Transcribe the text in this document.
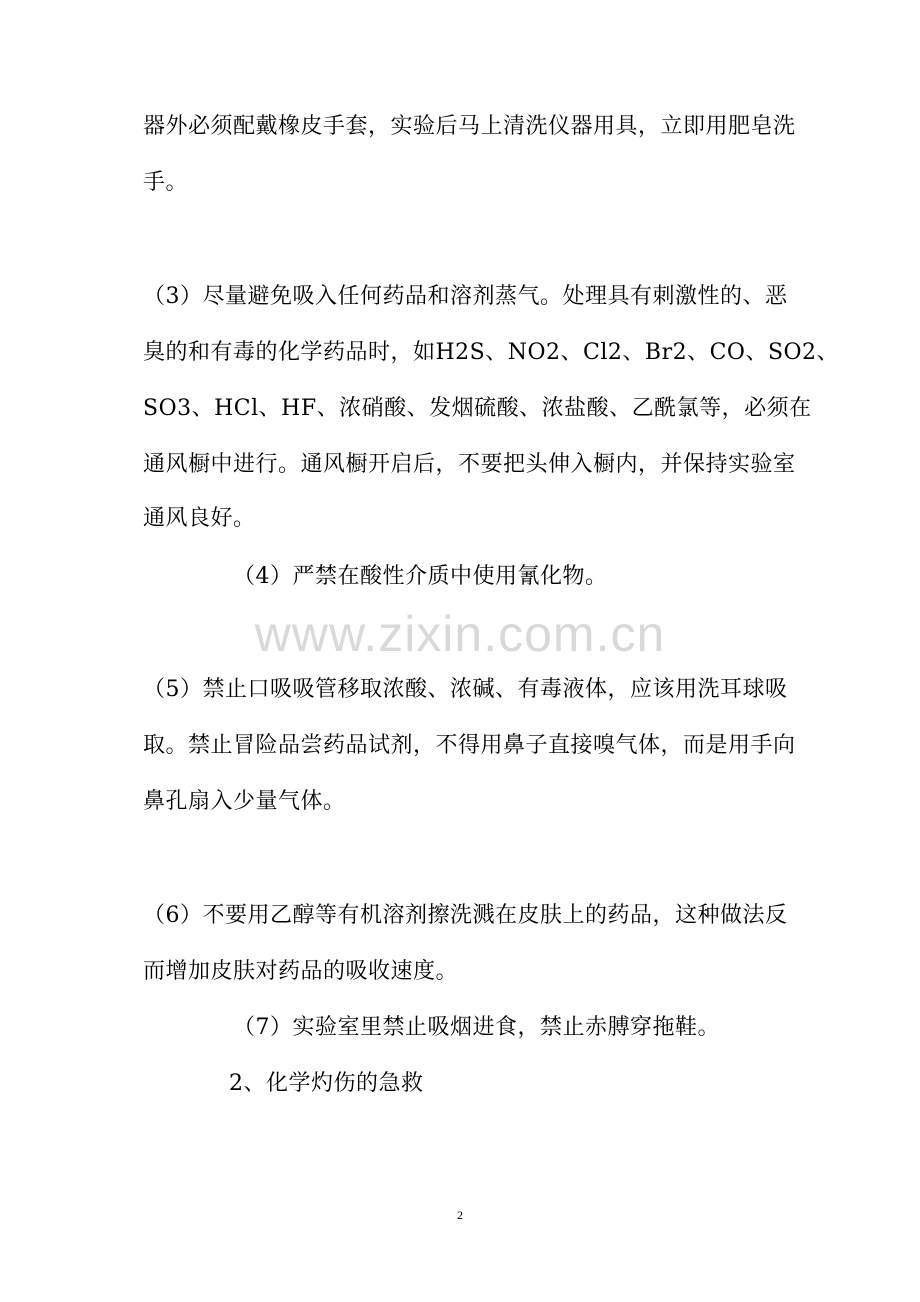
器外必须配戴橡皮手套，实验后马上清洗仪器用具，立即用肥皂洗

手。

（3）尽量避免吸入任何药品和溶剂蒸气。处理具有刺激性的、恶

臭的和有毒的化学药品时，如H2S、NO2、Cl2、Br2、CO、SO2、

SO3、HCl、HF、浓硝酸、发烟硫酸、浓盐酸、乙酰氯等，必须在

通风橱中进行。通风橱开启后，不要把头伸入橱内，并保持实验室

通风良好。

（4）严禁在酸性介质中使用氰化物。

www.zixin.com.cn

（5）禁止口吸吸管移取浓酸、浓碱、有毒液体，应该用洗耳球吸

取。禁止冒险品尝药品试剂，不得用鼻子直接嗅气体，而是用手向

鼻孔扇入少量气体。

（6）不要用乙醇等有机溶剂擦洗溅在皮肤上的药品，这种做法反

而增加皮肤对药品的吸收速度。

（7）实验室里禁止吸烟进食，禁止赤膊穿拖鞋。

2、化学灼伤的急救

2
